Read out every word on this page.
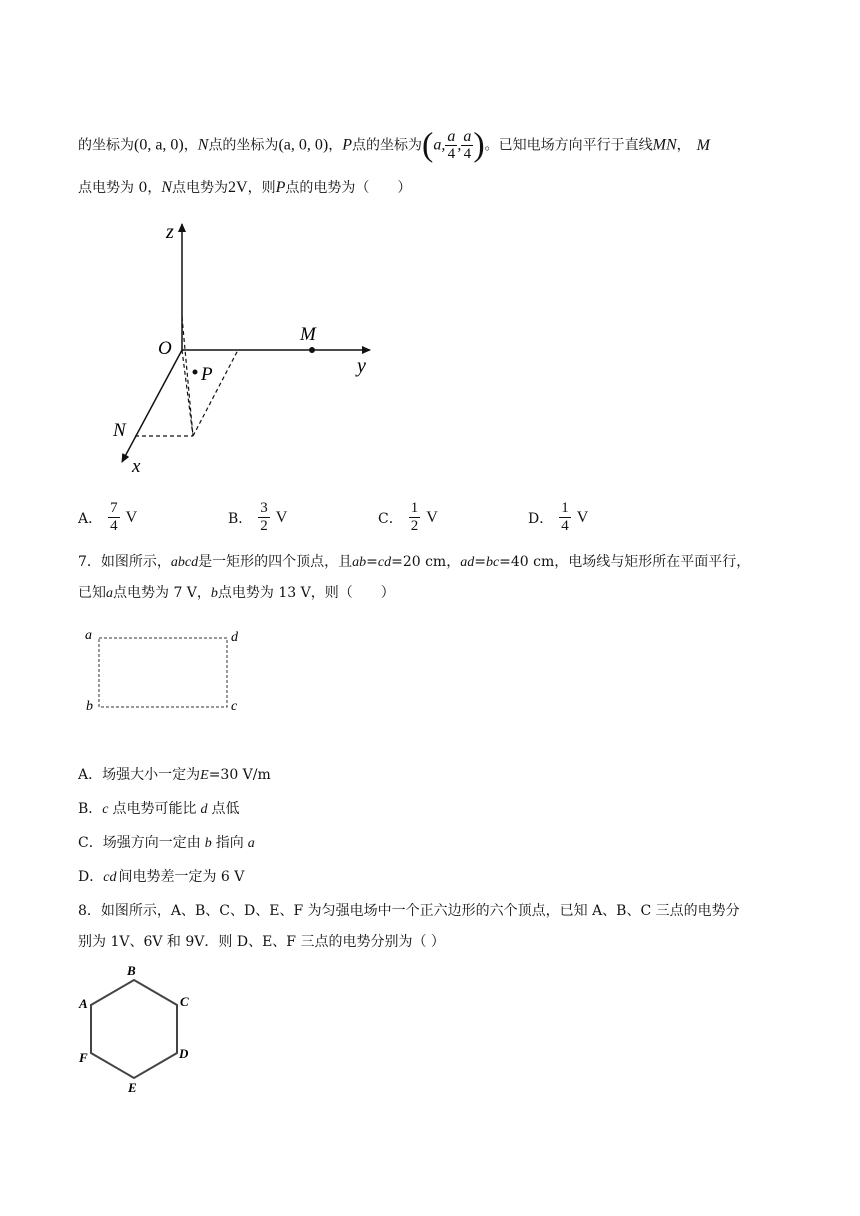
的坐标为(0, a, 0)，N点的坐标为(a, 0, 0)，P点的坐标为(a, $\frac{a}{4}$ , $\frac{a}{4}$ )。已知电场方向平行于直线MN， M
点电势为 0，N点电势为2V，则P点的电势为（　　）
z
O
M
y
P
N
x
A． $\frac{7}{4}$ V	B． $\frac{3}{2}$ V	C． $\frac{1}{2}$ V	D． $\frac{1}{4}$ V
7．如图所示，abcd是一矩形的四个顶点，且ab=cd=20 cm，ad=bc=40 cm，电场线与矩形所在平面平行，
已知a点电势为 7 V，b点电势为 13 V，则（　　）
a	d
b	c
A．场强大小一定为E=30 V/m
B．c 点电势可能比 d 点低
C．场强方向一定由 b 指向 a
D．cd 间电势差一定为 6 V
8．如图所示，A、B、C、D、E、F 为匀强电场中一个正六边形的六个顶点，已知 A、B、C 三点的电势分
别为 1V、6V 和 9V．则 D、E、F 三点的电势分别为（ ）
B
A	C
F	D
E
